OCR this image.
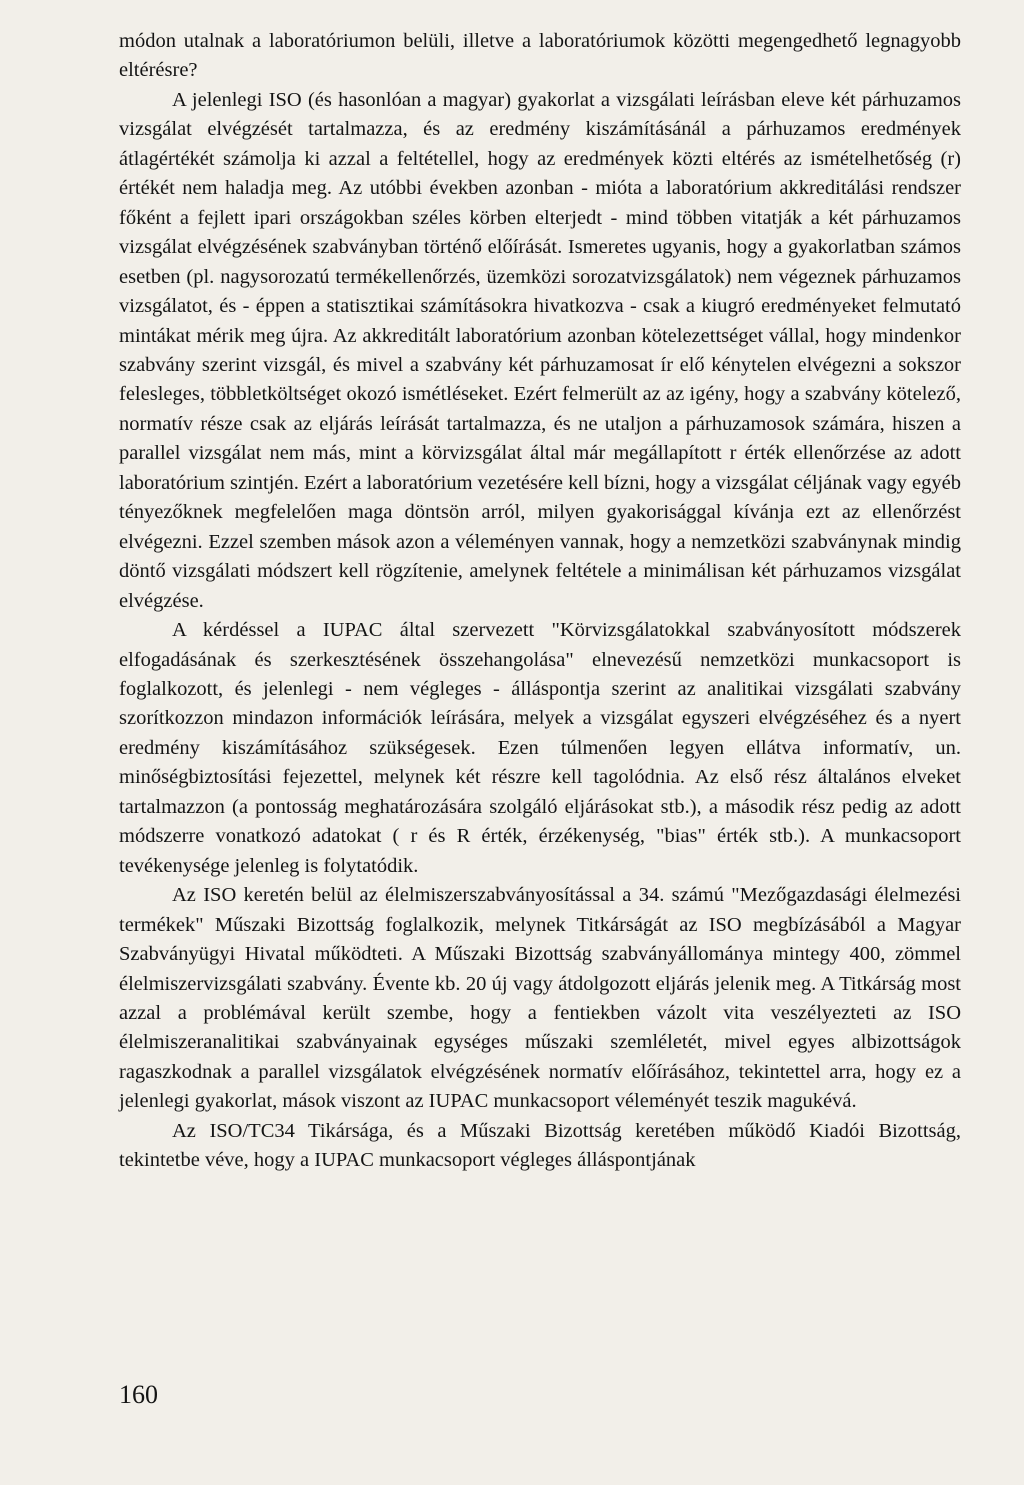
módon utalnak a laboratóriumon belüli, illetve a laboratóriumok közötti megengedhető legnagyobb eltérésre?

A jelenlegi ISO (és hasonlóan a magyar) gyakorlat a vizsgálati leírásban eleve két párhuzamos vizsgálat elvégzését tartalmazza, és az eredmény kiszámításánál a párhuzamos eredmények átlagértékét számolja ki azzal a feltétellel, hogy az eredmények közti eltérés az ismételhetőség (r) értékét nem haladja meg. Az utóbbi években azonban - mióta a laboratórium akkreditálási rendszer főként a fejlett ipari országokban széles körben elterjedt - mind többen vitatják a két párhuzamos vizsgálat elvégzésének szabványban történő előírását. Ismeretes ugyanis, hogy a gyakorlatban számos esetben (pl. nagysorozatú termékellenőrzés, üzemközi sorozatvizsgálatok) nem végeznek párhuzamos vizsgálatot, és - éppen a statisztikai számításokra hivatkozva - csak a kiugró eredményeket felmutató mintákat mérik meg újra. Az akkreditált laboratórium azonban kötelezettséget vállal, hogy mindenkor szabvány szerint vizsgál, és mivel a szabvány két párhuzamosat ír elő kénytelen elvégezni a sokszor felesleges, többletköltséget okozó ismétléseket. Ezért felmerült az az igény, hogy a szabvány kötelező, normatív része csak az eljárás leírását tartalmazza, és ne utaljon a párhuzamosok számára, hiszen a parallel vizsgálat nem más, mint a körvizsgálat által már megállapított r érték ellenőrzése az adott laboratórium szintjén. Ezért a laboratórium vezetésére kell bízni, hogy a vizsgálat céljának vagy egyéb tényezőknek megfelelően maga döntsön arról, milyen gyakorisággal kívánja ezt az ellenőrzést elvégezni. Ezzel szemben mások azon a véleményen vannak, hogy a nemzetközi szabványnak mindig döntő vizsgálati módszert kell rögzítenie, amelynek feltétele a minimálisan két párhuzamos vizsgálat elvégzése.

A kérdéssel a IUPAC által szervezett "Körvizsgálatokkal szabványosított módszerek elfogadásának és szerkesztésének összehangolása" elnevezésű nemzetközi munkacsoport is foglalkozott, és jelenlegi - nem végleges - álláspontja szerint az analitikai vizsgálati szabvány szorítkozzon mindazon információk leírására, melyek a vizsgálat egyszeri elvégzéséhez és a nyert eredmény kiszámításához szükségesek. Ezen túlmenően legyen ellátva informatív, un. minőségbiztosítási fejezettel, melynek két részre kell tagolódnia. Az első rész általános elveket tartalmazzon (a pontosság meghatározására szolgáló eljárásokat stb.), a második rész pedig az adott módszerre vonatkozó adatokat ( r és R érték, érzékenység, "bias" érték stb.). A munkacsoport tevékenysége jelenleg is folytatódik.

Az ISO keretén belül az élelmiszerszabványosítással a 34. számú "Mezőgazdasági élelmezési termékek" Műszaki Bizottság foglalkozik, melynek Titkárságát az ISO megbízásából a Magyar Szabványügyi Hivatal működteti. A Műszaki Bizottság szabványállománya mintegy 400, zömmel élelmiszervizsgálati szabvány. Évente kb. 20 új vagy átdolgozott eljárás jelenik meg. A Titkárság most azzal a problémával került szembe, hogy a fentiekben vázolt vita veszélyezteti az ISO élelmiszeranalitikai szabványainak egységes műszaki szemléletét, mivel egyes albizottságok ragaszkodnak a parallel vizsgálatok elvégzésének normatív előírásához, tekintettel arra, hogy ez a jelenlegi gyakorlat, mások viszont az IUPAC munkacsoport véleményét teszik magukévá.

Az ISO/TC34 Tikársága, és a Műszaki Bizottság keretében működő Kiadói Bizottság, tekintetbe véve, hogy a IUPAC munkacsoport végleges álláspontjának

160
